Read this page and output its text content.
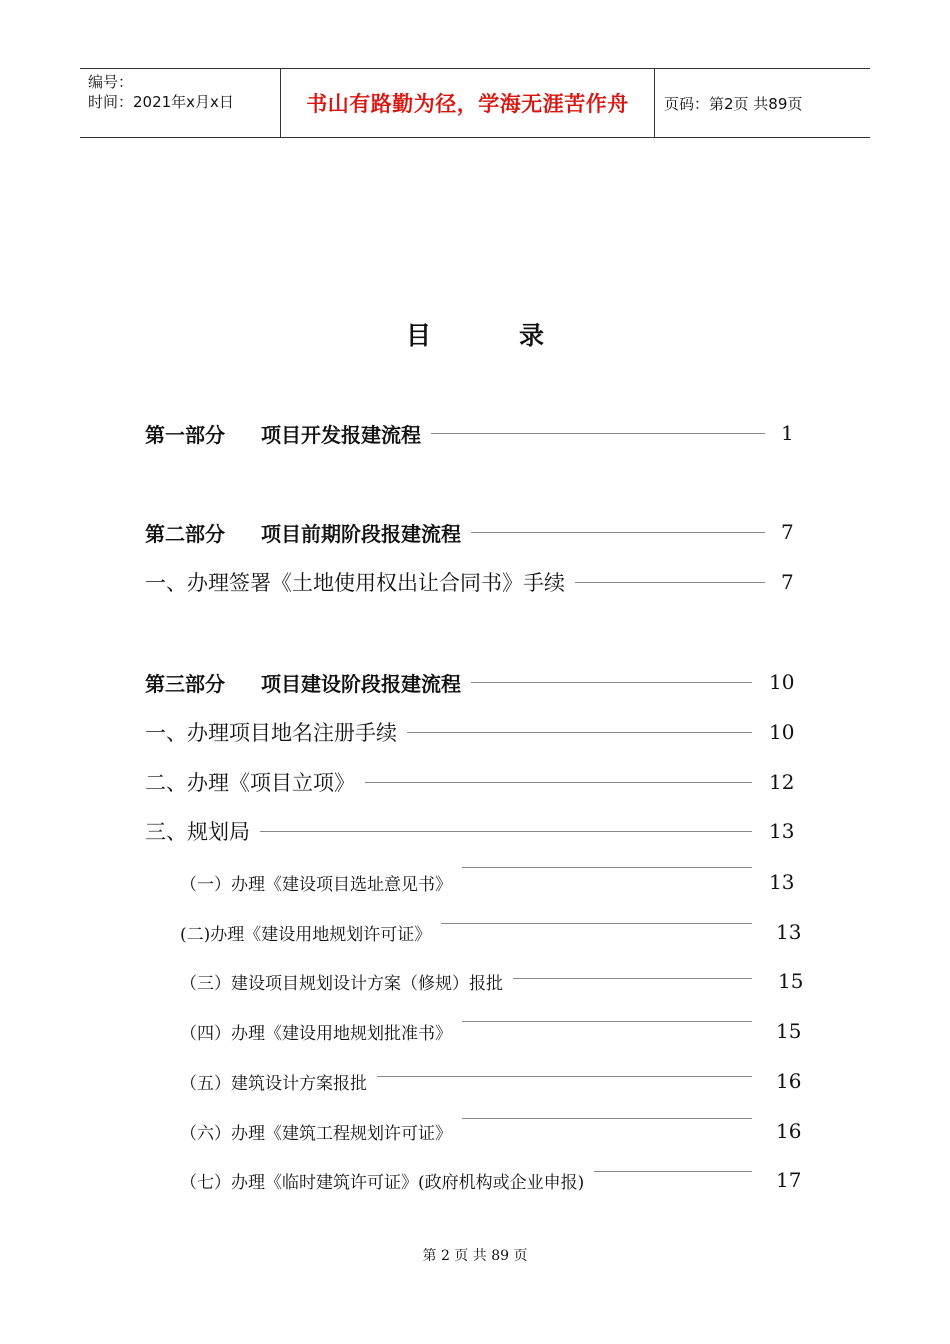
编号：
时间：2021年x月x日	书山有路勤为径，学海无涯苦作舟	页码：第2页 共89页
目	录
第一部分 项目开发报建流程	1
第二部分 项目前期阶段报建流程	7
一、办理签署《土地使用权出让合同书》手续	7
第三部分 项目建设阶段报建流程	10
一、办理项目地名注册手续	10
二、办理《项目立项》	12
三、规划局	13
（一）办理《建设项目选址意见书》	13
(二)办理《建设用地规划许可证》	13
（三）建设项目规划设计方案（修规）报批	15
（四）办理《建设用地规划批准书》	15
（五）建筑设计方案报批	16
（六）办理《建筑工程规划许可证》	16
（七）办理《临时建筑许可证》(政府机构或企业申报)	17
第 2 页 共 89 页
